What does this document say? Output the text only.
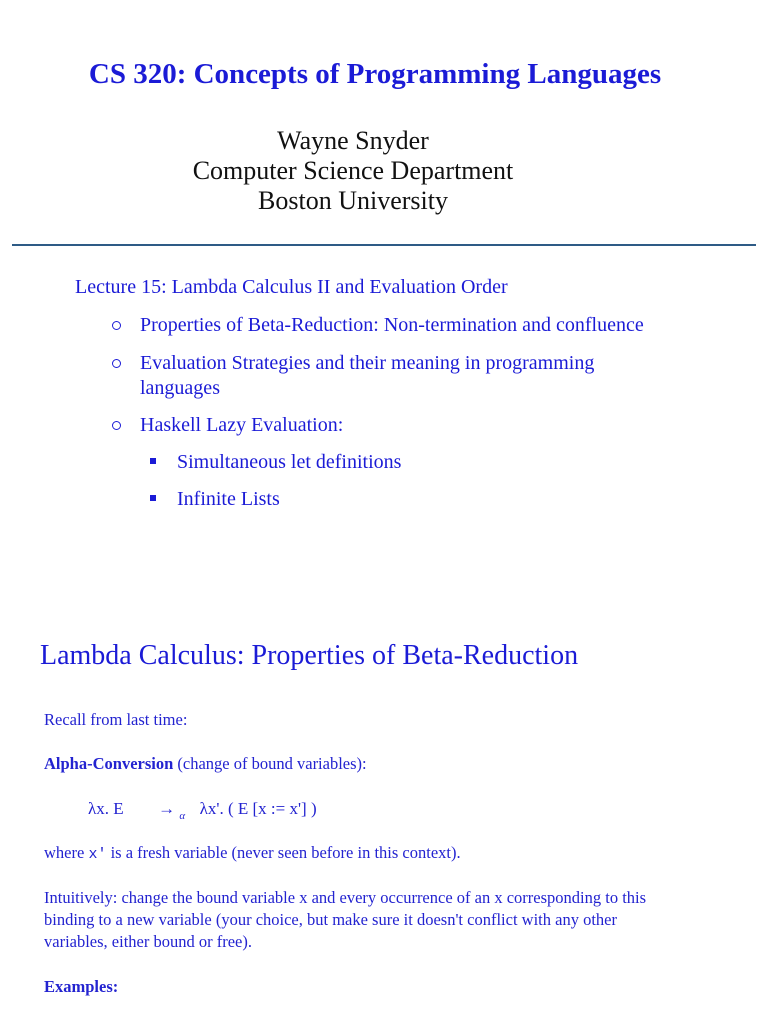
CS 320: Concepts of Programming Languages
Wayne Snyder
Computer Science Department
Boston University
Lecture 15: Lambda Calculus II and Evaluation Order
Properties of Beta-Reduction: Non-termination and confluence
Evaluation Strategies and their meaning in programming
languages
Haskell Lazy Evaluation:
Simultaneous let definitions
Infinite Lists
Lambda Calculus: Properties of Beta-Reduction
Recall from last time:
Alpha-Conversion (change of bound variables):
λx. E → $_\alpha$ λx'. ( E [x := x'] )
where x' is a fresh variable (never seen before in this context).
Intuitively: change the bound variable x and every occurrence of an x corresponding to this
binding to a new variable (your choice, but make sure it doesn't conflict with any other
variables, either bound or free).
Examples:
